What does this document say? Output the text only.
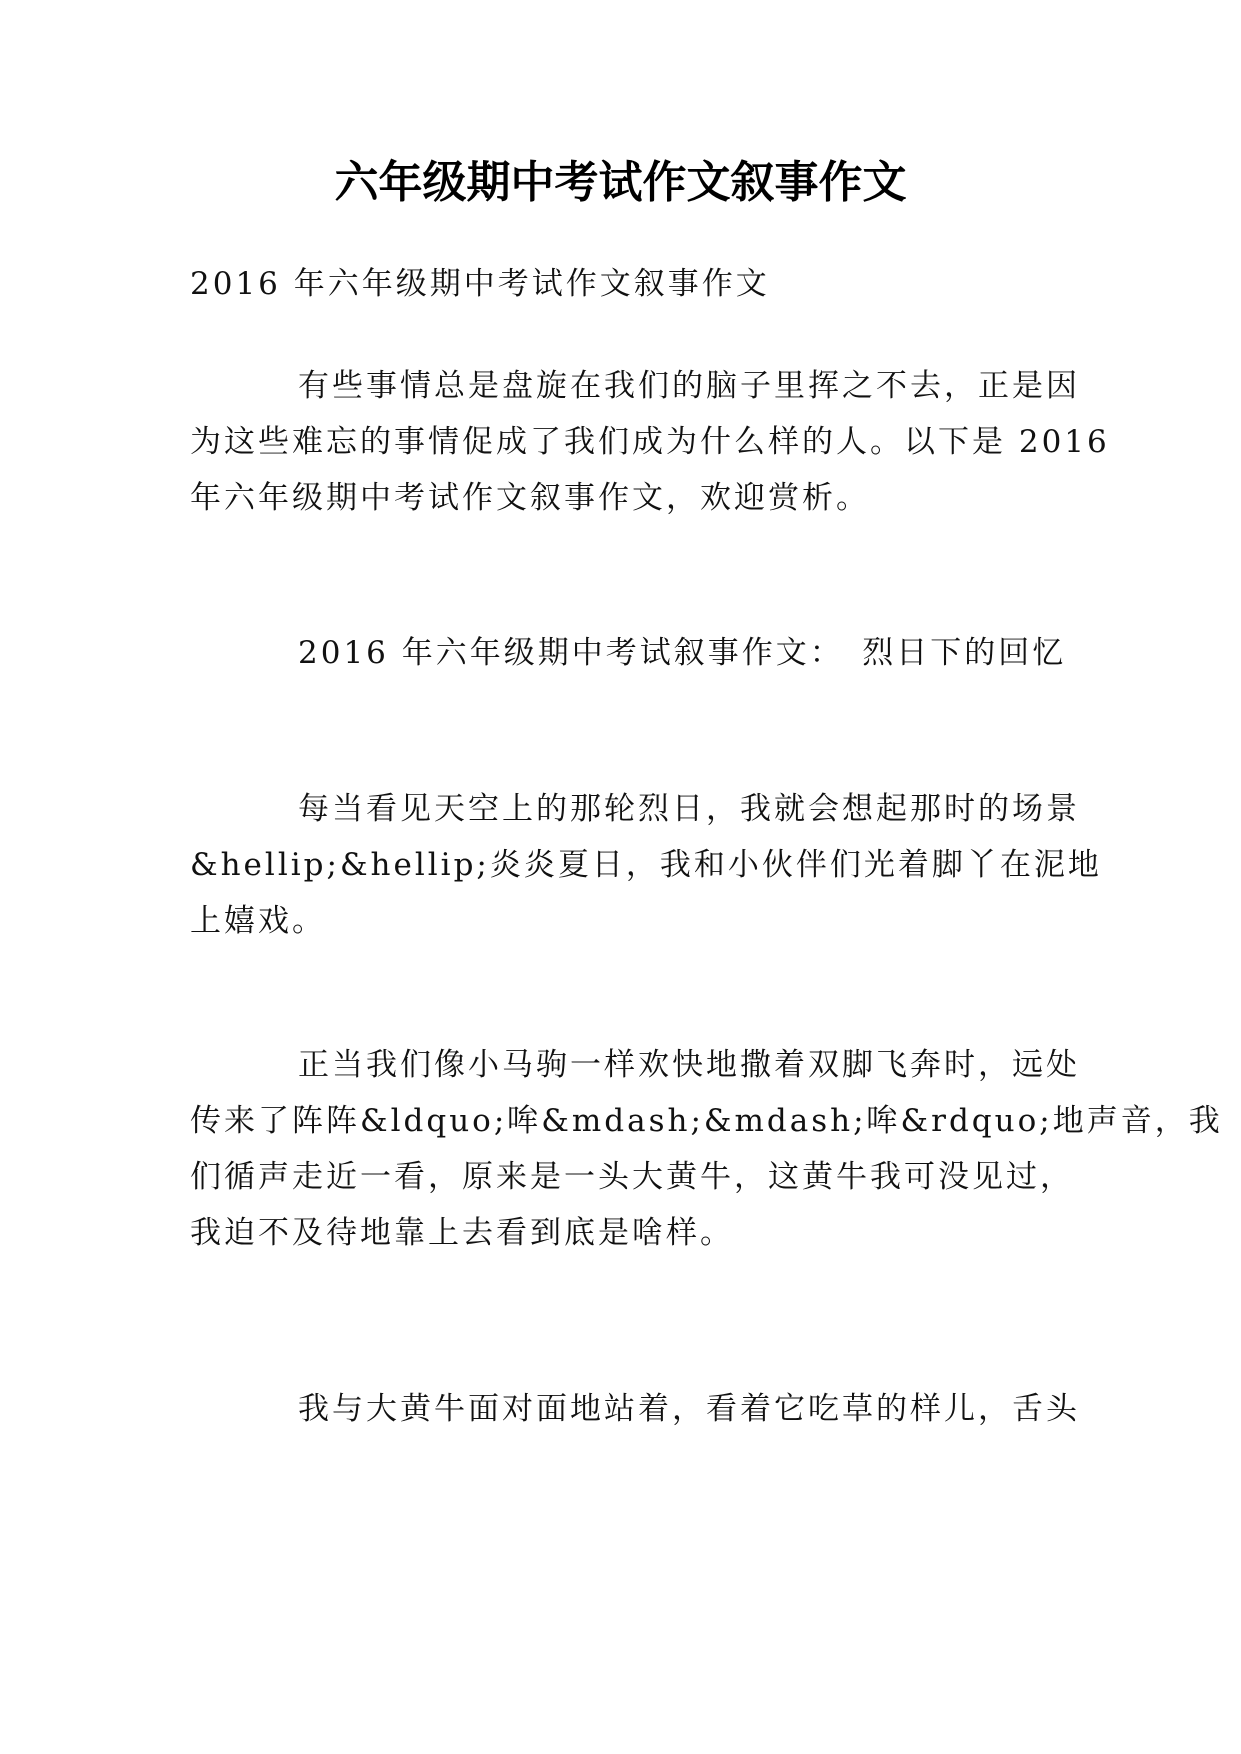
六年级期中考试作文叙事作文

2016 年六年级期中考试作文叙事作文

有些事情总是盘旋在我们的脑子里挥之不去，正是因

为这些难忘的事情促成了我们成为什么样的人。以下是 2016

年六年级期中考试作文叙事作文，欢迎赏析。

2016 年六年级期中考试叙事作文：　烈日下的回忆

每当看见天空上的那轮烈日，我就会想起那时的场景

&hellip;&hellip;炎炎夏日，我和小伙伴们光着脚丫在泥地

上嬉戏。

正当我们像小马驹一样欢快地撒着双脚飞奔时，远处

传来了阵阵&ldquo;哞&mdash;&mdash;哞&rdquo;地声音，我

们循声走近一看，原来是一头大黄牛，这黄牛我可没见过，

我迫不及待地靠上去看到底是啥样。

我与大黄牛面对面地站着，看着它吃草的样儿，舌头
